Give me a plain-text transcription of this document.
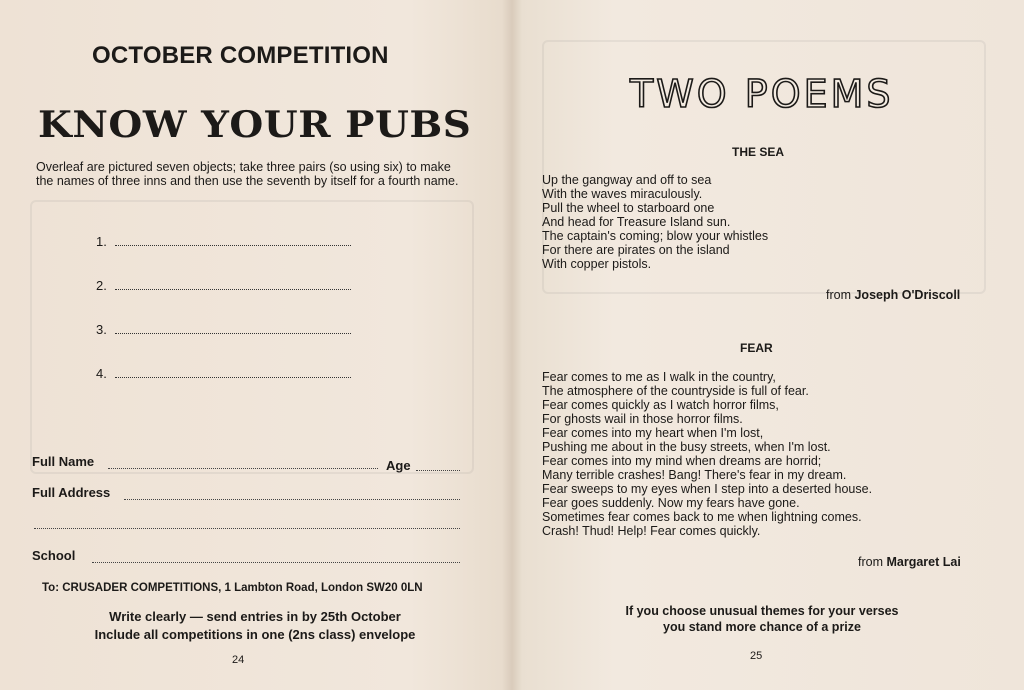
OCTOBER COMPETITION
KNOW YOUR PUBS
Overleaf are pictured seven objects; take three pairs (so using six) to make the names of three inns and then use the seventh by itself for a fourth name.
1.
2.
3.
4.
Full Name	Age
Full Address
School
To: CRUSADER COMPETITIONS, 1 Lambton Road, London SW20 0LN
Write clearly — send entries in by 25th October
Include all competitions in one (2ns class) envelope
24
TWO POEMS
THE SEA
Up the gangway and off to sea
With the waves miraculously.
Pull the wheel to starboard one
And head for Treasure Island sun.
The captain's coming; blow your whistles
For there are pirates on the island
With copper pistols.
from Joseph O'Driscoll
FEAR
Fear comes to me as I walk in the country,
The atmosphere of the countryside is full of fear.
Fear comes quickly as I watch horror films,
For ghosts wail in those horror films.
Fear comes into my heart when I'm lost,
Pushing me about in the busy streets, when I'm lost.
Fear comes into my mind when dreams are horrid;
Many terrible crashes! Bang! There's fear in my dream.
Fear sweeps to my eyes when I step into a deserted house.
Fear goes suddenly. Now my fears have gone.
Sometimes fear comes back to me when lightning comes.
Crash! Thud! Help! Fear comes quickly.
from Margaret Lai
If you choose unusual themes for your verses you stand more chance of a prize
25
